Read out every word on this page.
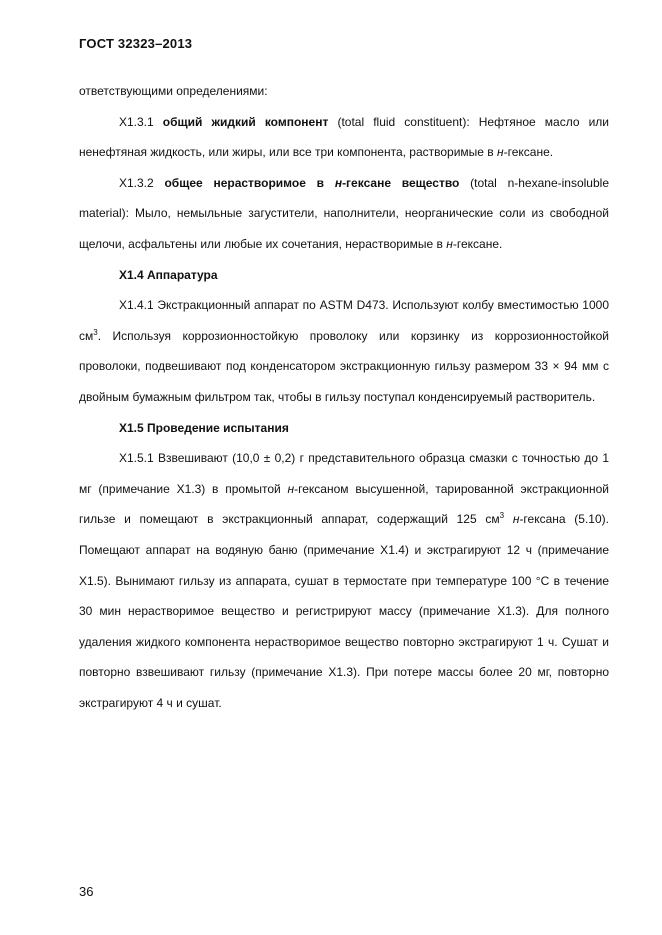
ГОСТ 32323–2013

ответствующими определениями:

Х1.3.1 общий жидкий компонент (total fluid constituent): Нефтяное масло или ненефтяная жидкость, или жиры, или все три компонента, растворимые в н-гексане.

Х1.3.2 общее нерастворимое в н-гексане вещество (total n-hexane-insoluble material): Мыло, немыльные загустители, наполнители, неорганические соли из свободной щелочи, асфальтены или любые их сочетания, нерастворимые в н-гексане.

Х1.4 Аппаратура

Х1.4.1 Экстракционный аппарат по ASTM D473. Используют колбу вместимостью 1000 $см^3$. Используя коррозионностойкую проволоку или корзинку из коррозионностойкой проволоки, подвешивают под конденсатором экстракционную гильзу размером 33 × 94 мм с двойным бумажным фильтром так, чтобы в гильзу поступал конденсируемый растворитель.

Х1.5 Проведение испытания

Х1.5.1 Взвешивают (10,0 ± 0,2) г представительного образца смазки с точностью до 1 мг (примечание Х1.3) в промытой н-гексаном высушенной, тарированной экстракционной гильзе и помещают в экстракционный аппарат, содержащий 125 $см^3$ н-гексана (5.10). Помещают аппарат на водяную баню (примечание Х1.4) и экстрагируют 12 ч (примечание Х1.5). Вынимают гильзу из аппарата, сушат в термостате при температуре 100 °С в течение 30 мин нерастворимое вещество и регистрируют массу (примечание Х1.3). Для полного удаления жидкого компонента нерастворимое вещество повторно экстрагируют 1 ч. Сушат и повторно взвешивают гильзу (примечание Х1.3). При потере массы более 20 мг, повторно экстрагируют 4 ч и сушат.

36
